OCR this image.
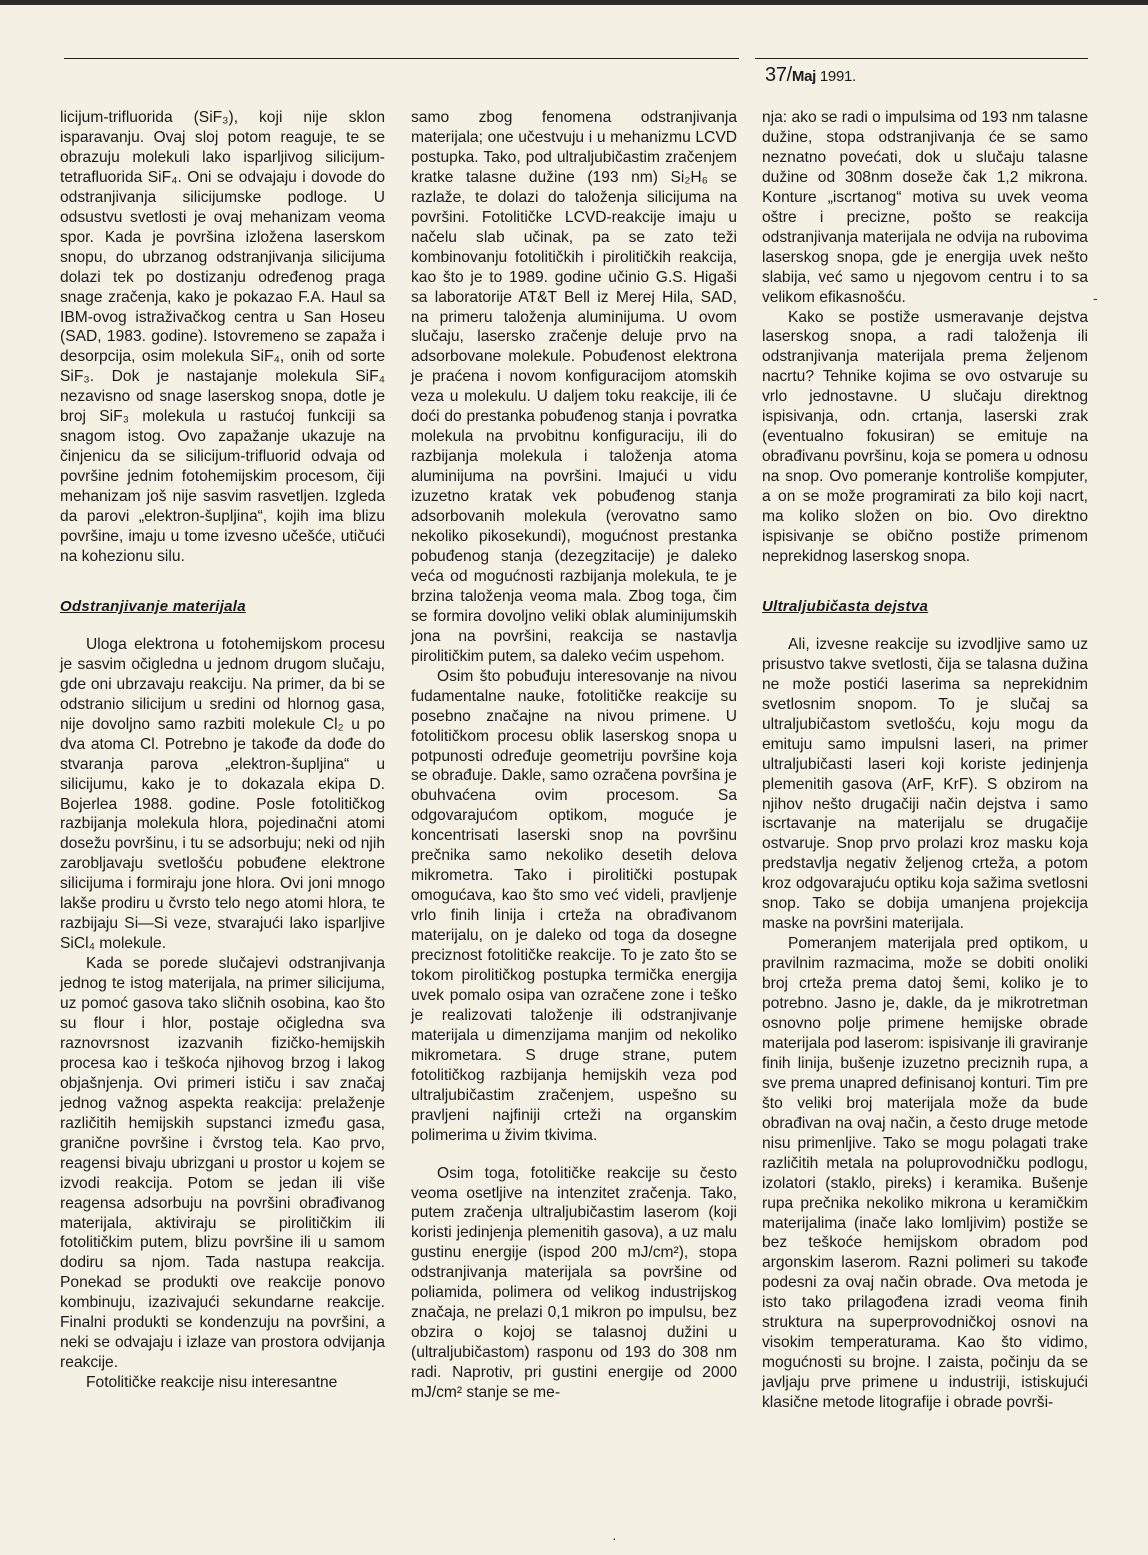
37/Maj 1991.

licijum-trifluorida (SiF₃), koji nije sklon isparavanju. Ovaj sloj potom reaguje, te se obrazuju molekuli lako isparljivog silicijum-tetrafluorida SiF₄. Oni se odvajaju i dovode do odstranjivanja silicijumske podloge. U odsustvu svetlosti je ovaj mehanizam veoma spor. Kada je površina izložena laserskom snopu, do ubrzanog odstranjivanja silicijuma dolazi tek po dostizanju određenog praga snage zračenja, kako je pokazao F.A. Haul sa IBM-ovog istraživačkog centra u San Hoseu (SAD, 1983. godine). Istovremeno se zapaža i desorpcija, osim molekula SiF₄, onih od sorte SiF₃. Dok je nastajanje molekula SiF₄ nezavisno od snage laserskog snopa, dotle je broj SiF₃ molekula u rastućoj funkciji sa snagom istog. Ovo zapažanje ukazuje na činjenicu da se silicijum-trifluorid odvaja od površine jednim fotohemijskim procesom, čiji mehanizam još nije sasvim rasvetljen. Izgleda da parovi „elektron-šupljina“, kojih ima blizu površine, imaju u tome izvesno učešće, utičući na kohezionu silu.

Odstranjivanje materijala

Uloga elektrona u fotohemijskom procesu je sasvim očigledna u jednom drugom slučaju, gde oni ubrzavaju reakciju. Na primer, da bi se odstranio silicijum u sredini od hlornog gasa, nije dovoljno samo razbiti molekule Cl₂ u po dva atoma Cl. Potrebno je takođe da dođe do stvaranja parova „elektron-šupljina“ u silicijumu, kako je to dokazala ekipa D. Bojerlea 1988. godine. Posle fotolitičkog razbijanja molekula hlora, pojedinačni atomi dosežu površinu, i tu se adsorbuju; neki od njih zarobljavaju svetlošću pobuđene elektrone silicijuma i formiraju jone hlora. Ovi joni mnogo lakše prodiru u čvrsto telo nego atomi hlora, te razbijaju Si—Si veze, stvarajući lako isparljive SiCl₄ molekule.

Kada se porede slučajevi odstranjivanja jednog te istog materijala, na primer silicijuma, uz pomoć gasova tako sličnih osobina, kao što su flour i hlor, postaje očigledna sva raznovrsnost izazvanih fizičko-hemijskih procesa kao i teškoća njihovog brzog i lakog objašnjenja. Ovi primeri ističu i sav značaj jednog važnog aspekta reakcija: prelaženje različitih hemijskih supstanci između gasa, granične površine i čvrstog tela. Kao prvo, reagensi bivaju ubrizgani u prostor u kojem se izvodi reakcija. Potom se jedan ili više reagensa adsorbuju na površini obrađivanog materijala, aktiviraju se pirolitičkim ili fotolitičkim putem, blizu površine ili u samom dodiru sa njom. Tada nastupa reakcija. Ponekad se produkti ove reakcije ponovo kombinuju, izazivajući sekundarne reakcije. Finalni produkti se kondenzuju na površini, a neki se odvajaju i izlaze van prostora odvijanja reakcije.

Fotolitičke reakcije nisu interesantne

samo zbog fenomena odstranjivanja materijala; one učestvuju i u mehanizmu LCVD postupka. Tako, pod ultraljubičastim zračenjem kratke talasne dužine (193 nm) Si₂H₆ se razlaže, te dolazi do taloženja silicijuma na površini. Fotolitičke LCVD-reakcije imaju u načelu slab učinak, pa se zato teži kombinovanju fotolitičkih i pirolitičkih reakcija, kao što je to 1989. godine učinio G.S. Higaši sa laboratorije AT&T Bell iz Merej Hila, SAD, na primeru taloženja aluminijuma. U ovom slučaju, lasersko zračenje deluje prvo na adsorbovane molekule. Pobuđenost elektrona je praćena i novom konfiguracijom atomskih veza u molekulu. U daljem toku reakcije, ili će doći do prestanka pobuđenog stanja i povratka molekula na prvobitnu konfiguraciju, ili do razbijanja molekula i taloženja atoma aluminijuma na površini. Imajući u vidu izuzetno kratak vek pobuđenog stanja adsorbovanih molekula (verovatno samo nekoliko pikosekundi), mogućnost prestanka pobuđenog stanja (dezegzitacije) je daleko veća od mogućnosti razbijanja molekula, te je brzina taloženja veoma mala. Zbog toga, čim se formira dovoljno veliki oblak aluminijumskih jona na površini, reakcija se nastavlja pirolitičkim putem, sa daleko većim uspehom.

Osim što pobuđuju interesovanje na nivou fudamentalne nauke, fotolitičke reakcije su posebno značajne na nivou primene. U fotolitičkom procesu oblik laserskog snopa u potpunosti određuje geometriju površine koja se obrađuje. Dakle, samo ozračena površina je obuhvaćena ovim procesom. Sa odgovarajućom optikom, moguće je koncentrisati laserski snop na površinu prečnika samo nekoliko desetih delova mikrometra. Tako i pirolitički postupak omogućava, kao što smo već videli, pravljenje vrlo finih linija i crteža na obrađivanom materijalu, on je daleko od toga da dosegne preciznost fotolitičke reakcije. To je zato što se tokom pirolitičkog postupka termička energija uvek pomalo osipa van ozračene zone i teško je realizovati taloženje ili odstranjivanje materijala u dimenzijama manjim od nekoliko mikrometara. S druge strane, putem fotolitičkog razbijanja hemijskih veza pod ultraljubičastim zračenjem, uspešno su pravljeni najfiniji crteži na organskim polimerima u živim tkivima.

Osim toga, fotolitičke reakcije su često veoma osetljive na intenzitet zračenja. Tako, putem zračenja ultraljubičastim laserom (koji koristi jedinjenja plemenitih gasova), a uz malu gustinu energije (ispod 200 mJ/cm²), stopa odstranjivanja materijala sa površine od poliamida, polimera od velikog industrijskog značaja, ne prelazi 0,1 mikron po impulsu, bez obzira o kojoj se talasnoj dužini u (ultraljubičastom) rasponu od 193 do 308 nm radi. Naprotiv, pri gustini energije od 2000 mJ/cm² stanje se me-

nja: ako se radi o impulsima od 193 nm talasne dužine, stopa odstranjivanja će se samo neznatno povećati, dok u slučaju talasne dužine od 308nm doseže čak 1,2 mikrona. Konture „iscrtanog“ motiva su uvek veoma oštre i precizne, pošto se reakcija odstranjivanja materijala ne odvija na rubovima laserskog snopa, gde je energija uvek nešto slabija, već samo u njegovom centru i to sa velikom efikasnošću.

Kako se postiže usmeravanje dejstva laserskog snopa, a radi taloženja ili odstranjivanja materijala prema željenom nacrtu? Tehnike kojima se ovo ostvaruje su vrlo jednostavne. U slučaju direktnog ispisivanja, odn. crtanja, laserski zrak (eventualno fokusiran) se emituje na obrađivanu površinu, koja se pomera u odnosu na snop. Ovo pomeranje kontroliše kompjuter, a on se može programirati za bilo koji nacrt, ma koliko složen on bio. Ovo direktno ispisivanje se obično postiže primenom neprekidnog laserskog snopa.

Ultraljubičasta dejstva

Ali, izvesne reakcije su izvodljive samo uz prisustvo takve svetlosti, čija se talasna dužina ne može postići laserima sa neprekidnim svetlosnim snopom. To je slučaj sa ultraljubičastom svetlošću, koju mogu da emituju samo impulsni laseri, na primer ultraljubičasti laseri koji koriste jedinjenja plemenitih gasova (ArF, KrF). S obzirom na njihov nešto drugačiji način dejstva i samo iscrtavanje na materijalu se drugačije ostvaruje. Snop prvo prolazi kroz masku koja predstavlja negativ željenog crteža, a potom kroz odgovarajuću optiku koja sažima svetlosni snop. Tako se dobija umanjena projekcija maske na površini materijala.

Pomeranjem materijala pred optikom, u pravilnim razmacima, može se dobiti onoliki broj crteža prema datoj šemi, koliko je to potrebno. Jasno je, dakle, da je mikrotretman osnovno polje primene hemijske obrade materijala pod laserom: ispisivanje ili graviranje finih linija, bušenje izuzetno preciznih rupa, a sve prema unapred definisanoj konturi. Tim pre što veliki broj materijala može da bude obrađivan na ovaj način, a često druge metode nisu primenljive. Tako se mogu polagati trake različitih metala na poluprovodničku podlogu, izolatori (staklo, pireks) i keramika. Bušenje rupa prečnika nekoliko mikrona u keramičkim materijalima (inače lako lomljivim) postiže se bez teškoće hemijskom obradom pod argonskim laserom. Razni polimeri su takođe podesni za ovaj način obrade. Ova metoda je isto tako prilagođena izradi veoma finih struktura na superprovodničkoj osnovi na visokim temperaturama. Kao što vidimo, mogućnosti su brojne. I zaista, počinju da se javljaju prve primene u industriji, istiskujući klasične metode litografije i obrade površi-

-
·
